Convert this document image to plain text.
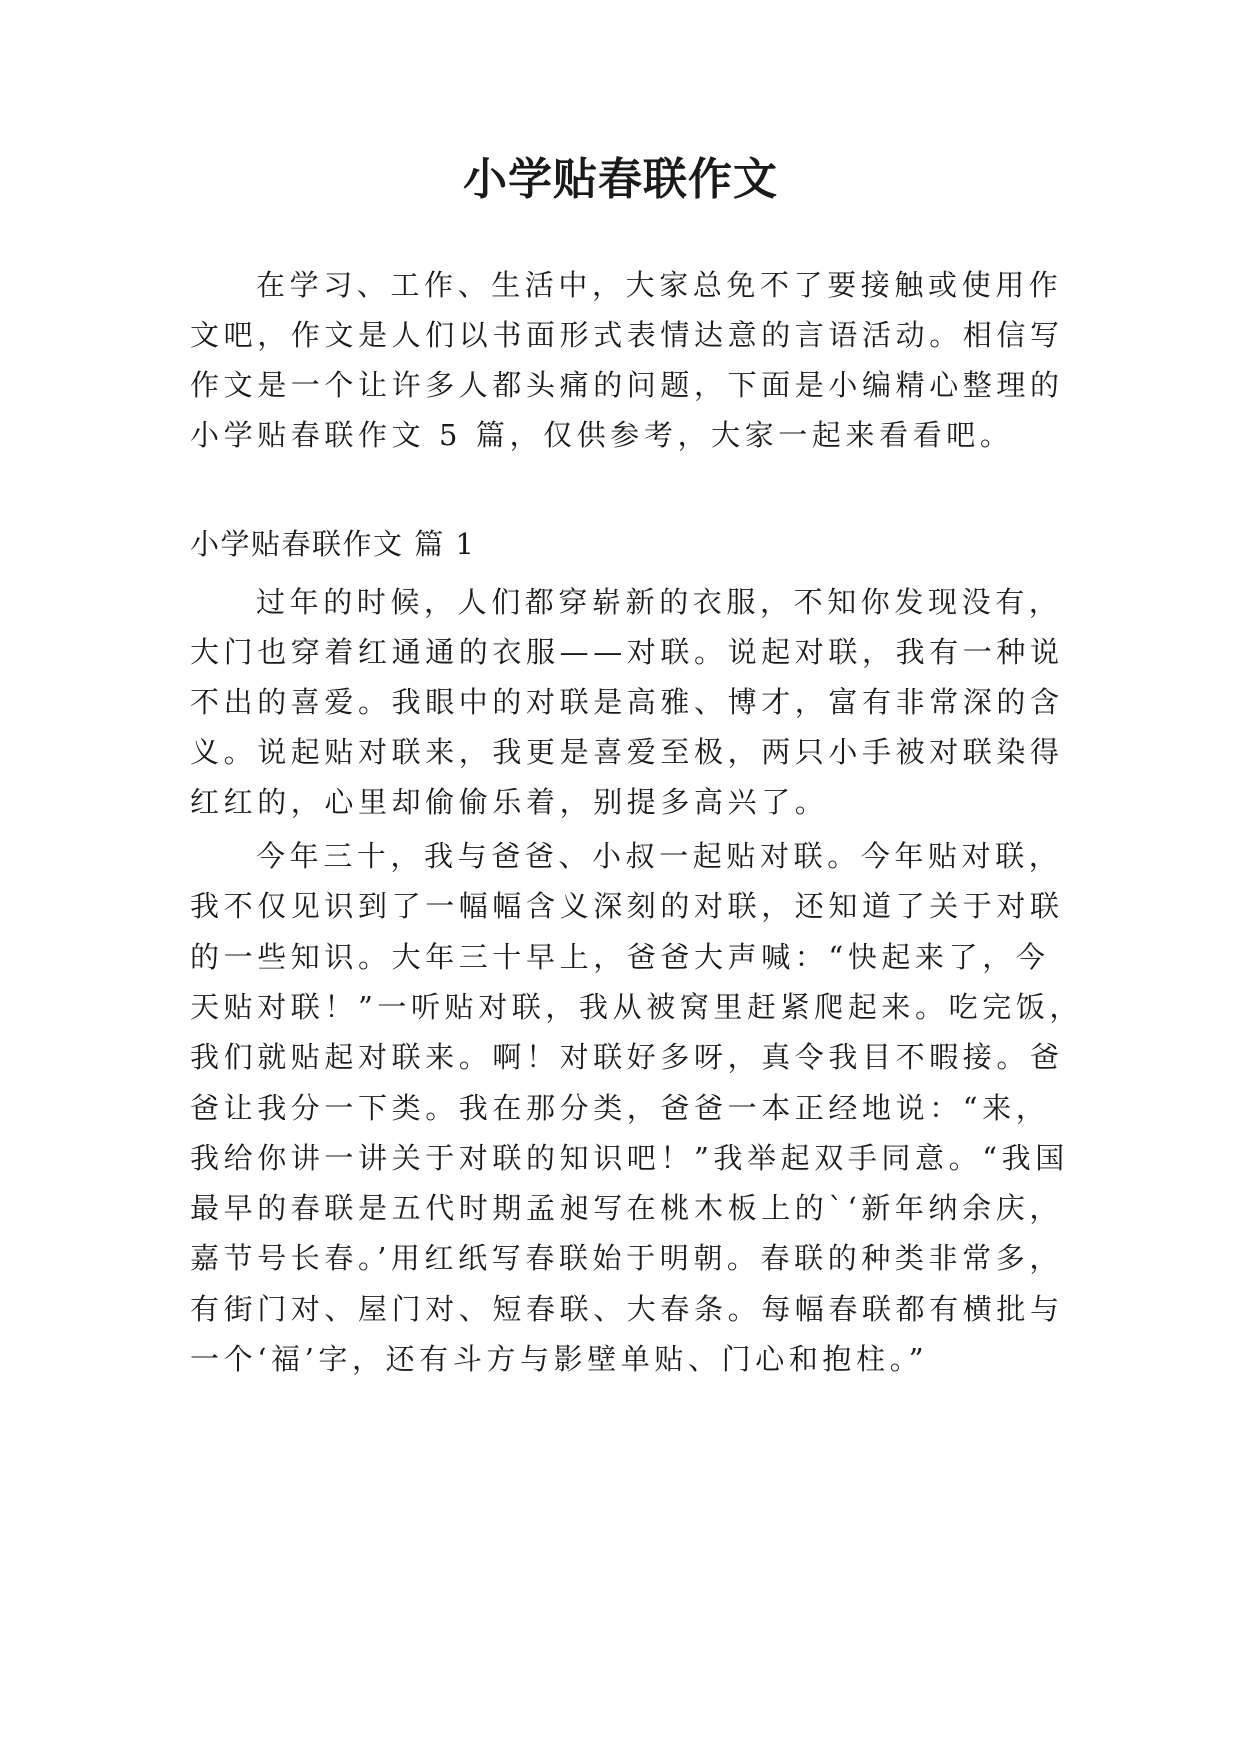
小学贴春联作文
在学习、工作、生活中，大家总免不了要接触或使用作
文吧，作文是人们以书面形式表情达意的言语活动。相信写
作文是一个让许多人都头痛的问题，下面是小编精心整理的
小学贴春联作文 5 篇，仅供参考，大家一起来看看吧。
小学贴春联作文 篇 1
过年的时候，人们都穿崭新的衣服，不知你发现没有，
大门也穿着红通通的衣服——对联。说起对联，我有一种说
不出的喜爱。我眼中的对联是高雅、博才，富有非常深的含
义。说起贴对联来，我更是喜爱至极，两只小手被对联染得
红红的，心里却偷偷乐着，别提多高兴了。
今年三十，我与爸爸、小叔一起贴对联。今年贴对联，
我不仅见识到了一幅幅含义深刻的对联，还知道了关于对联
的一些知识。大年三十早上，爸爸大声喊：“快起来了，今
天贴对联！”一听贴对联，我从被窝里赶紧爬起来。吃完饭，
我们就贴起对联来。啊！对联好多呀，真令我目不暇接。爸
爸让我分一下类。我在那分类，爸爸一本正经地说：“来，
我给你讲一讲关于对联的知识吧！”我举起双手同意。“我国
最早的春联是五代时期孟昶写在桃木板上的`‘新年纳余庆，
嘉节号长春。’用红纸写春联始于明朝。春联的种类非常多，
有街门对、屋门对、短春联、大春条。每幅春联都有横批与
一个‘福’字，还有斗方与影壁单贴、门心和抱柱。”
